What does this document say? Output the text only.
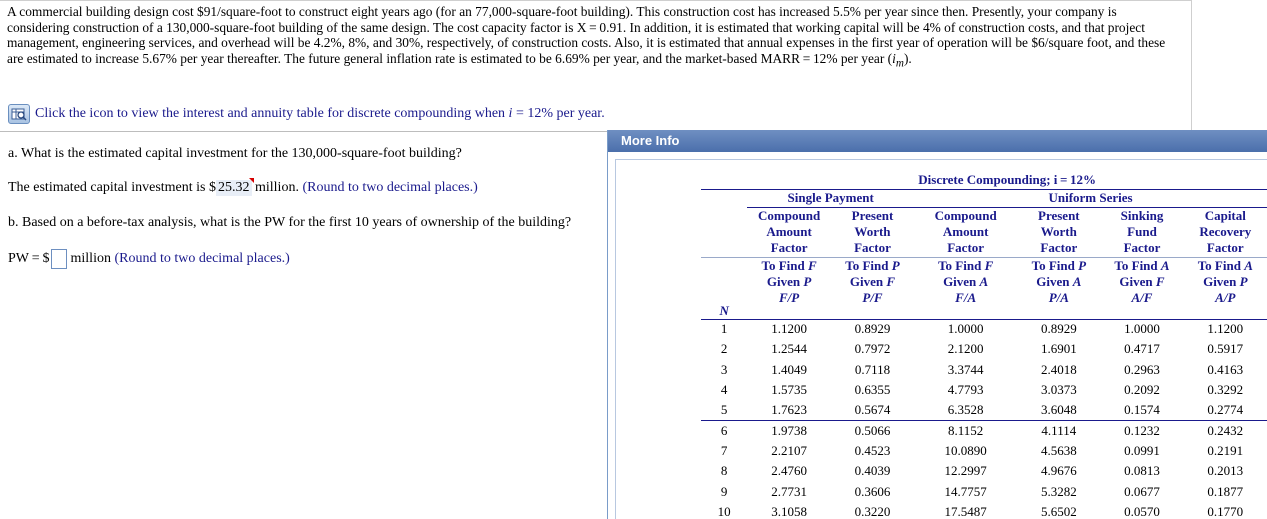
A commercial building design cost $91/square-foot to construct eight years ago (for an 77,000-square-foot building). This construction cost has increased 5.5% per year since then. Presently, your company is considering construction of a 130,000-square-foot building of the same design. The cost capacity factor is X = 0.91. In addition, it is estimated that working capital will be 4% of construction costs, and that project management, engineering services, and overhead will be 4.2%, 8%, and 30%, respectively, of construction costs. Also, it is estimated that annual expenses in the first year of operation will be $6/square foot, and these are estimated to increase 5.67% per year thereafter. The future general inflation rate is estimated to be 6.69% per year, and the market-based MARR = 12% per year $(i_m)$.
Click the icon to view the interest and annuity table for discrete compounding when i = 12% per year.
a. What is the estimated capital investment for the 130,000-square-foot building?
The estimated capital investment is $ 25.32 million. (Round to two decimal places.)
b. Based on a before-tax analysis, what is the PW for the first 10 years of ownership of the building?
PW = $ million
(Round to two decimal places.)
More Info
	Discrete Compounding; i = 12%					
	Single Payment		Uniform Series			

	Compound
Amount
Factor	Present
Worth
Factor	Compound
Amount
Factor	Present
Worth
Factor	Sinking
Fund
Factor	Capital
Recovery
Factor

N	To Find F
Given P
F/P	To Find P
Given F
P/F	To Find F
Given A
F/A	To Find P
Given A
P/A	To Find A
Given F
A/F	To Find A
Given P
A/P

1	1.1200	0.8929	1.0000	0.8929	1.0000	1.1200
2	1.2544	0.7972	2.1200	1.6901	0.4717	0.5917
3	1.4049	0.7118	3.3744	2.4018	0.2963	0.4163
4	1.5735	0.6355	4.7793	3.0373	0.2092	0.3292
5	1.7623	0.5674	6.3528	3.6048	0.1574	0.2774
6	1.9738	0.5066	8.1152	4.1114	0.1232	0.2432
7	2.2107	0.4523	10.0890	4.5638	0.0991	0.2191
8	2.4760	0.4039	12.2997	4.9676	0.0813	0.2013
9	2.7731	0.3606	14.7757	5.3282	0.0677	0.1877
10	3.1058	0.3220	17.5487	5.6502	0.0570	0.1770
